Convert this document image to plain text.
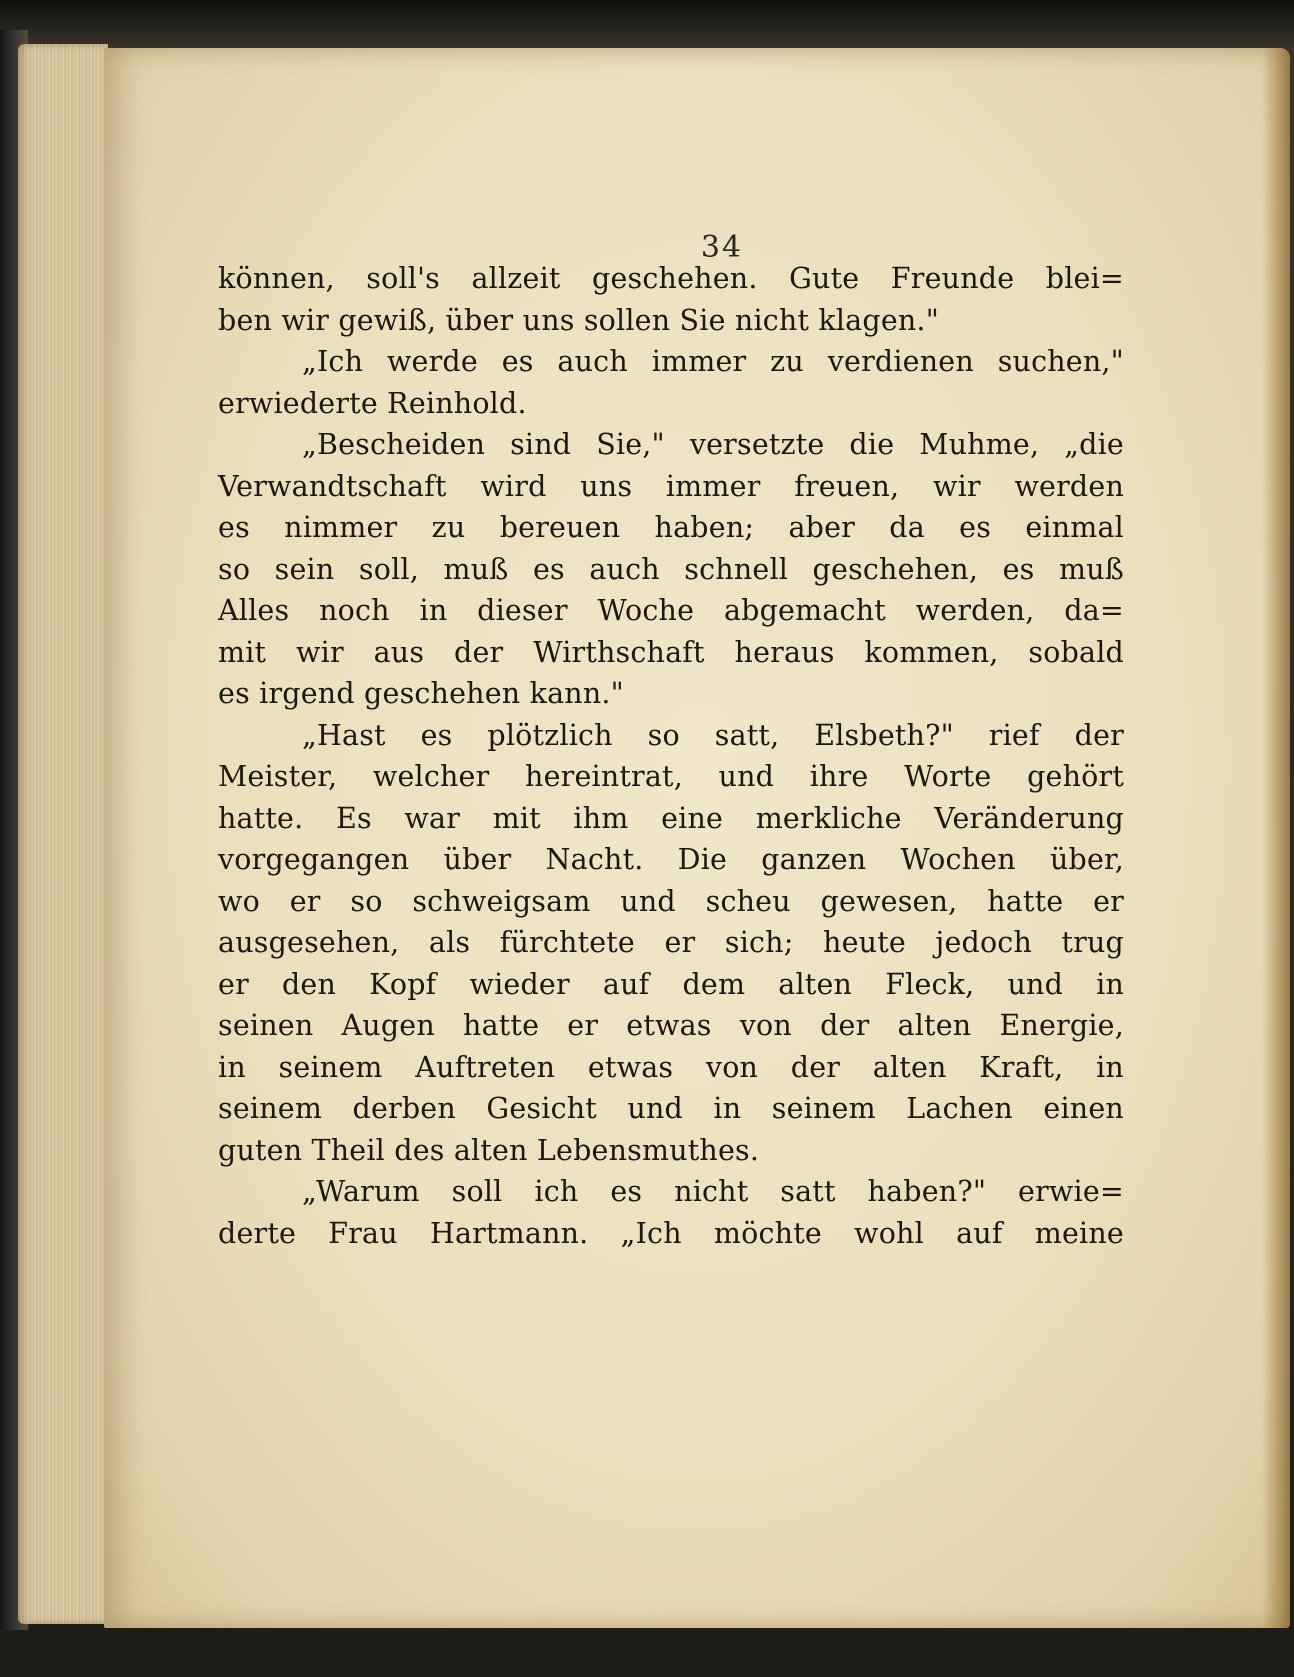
34
können, soll's allzeit geschehen. Gute Freunde blei=
ben wir gewiß, über uns sollen Sie nicht klagen."
„Ich werde es auch immer zu verdienen suchen,"
erwiederte Reinhold.
„Bescheiden sind Sie," versetzte die Muhme, „die
Verwandtschaft wird uns immer freuen, wir werden
es nimmer zu bereuen haben; aber da es einmal
so sein soll, muß es auch schnell geschehen, es muß
Alles noch in dieser Woche abgemacht werden, da=
mit wir aus der Wirthschaft heraus kommen, sobald
es irgend geschehen kann."
„Hast es plötzlich so satt, Elsbeth?" rief der
Meister, welcher hereintrat, und ihre Worte gehört
hatte. Es war mit ihm eine merkliche Veränderung
vorgegangen über Nacht. Die ganzen Wochen über,
wo er so schweigsam und scheu gewesen, hatte er
ausgesehen, als fürchtete er sich; heute jedoch trug
er den Kopf wieder auf dem alten Fleck, und in
seinen Augen hatte er etwas von der alten Energie,
in seinem Auftreten etwas von der alten Kraft, in
seinem derben Gesicht und in seinem Lachen einen
guten Theil des alten Lebensmuthes.
„Warum soll ich es nicht satt haben?" erwie=
derte Frau Hartmann. „Ich möchte wohl auf meine
